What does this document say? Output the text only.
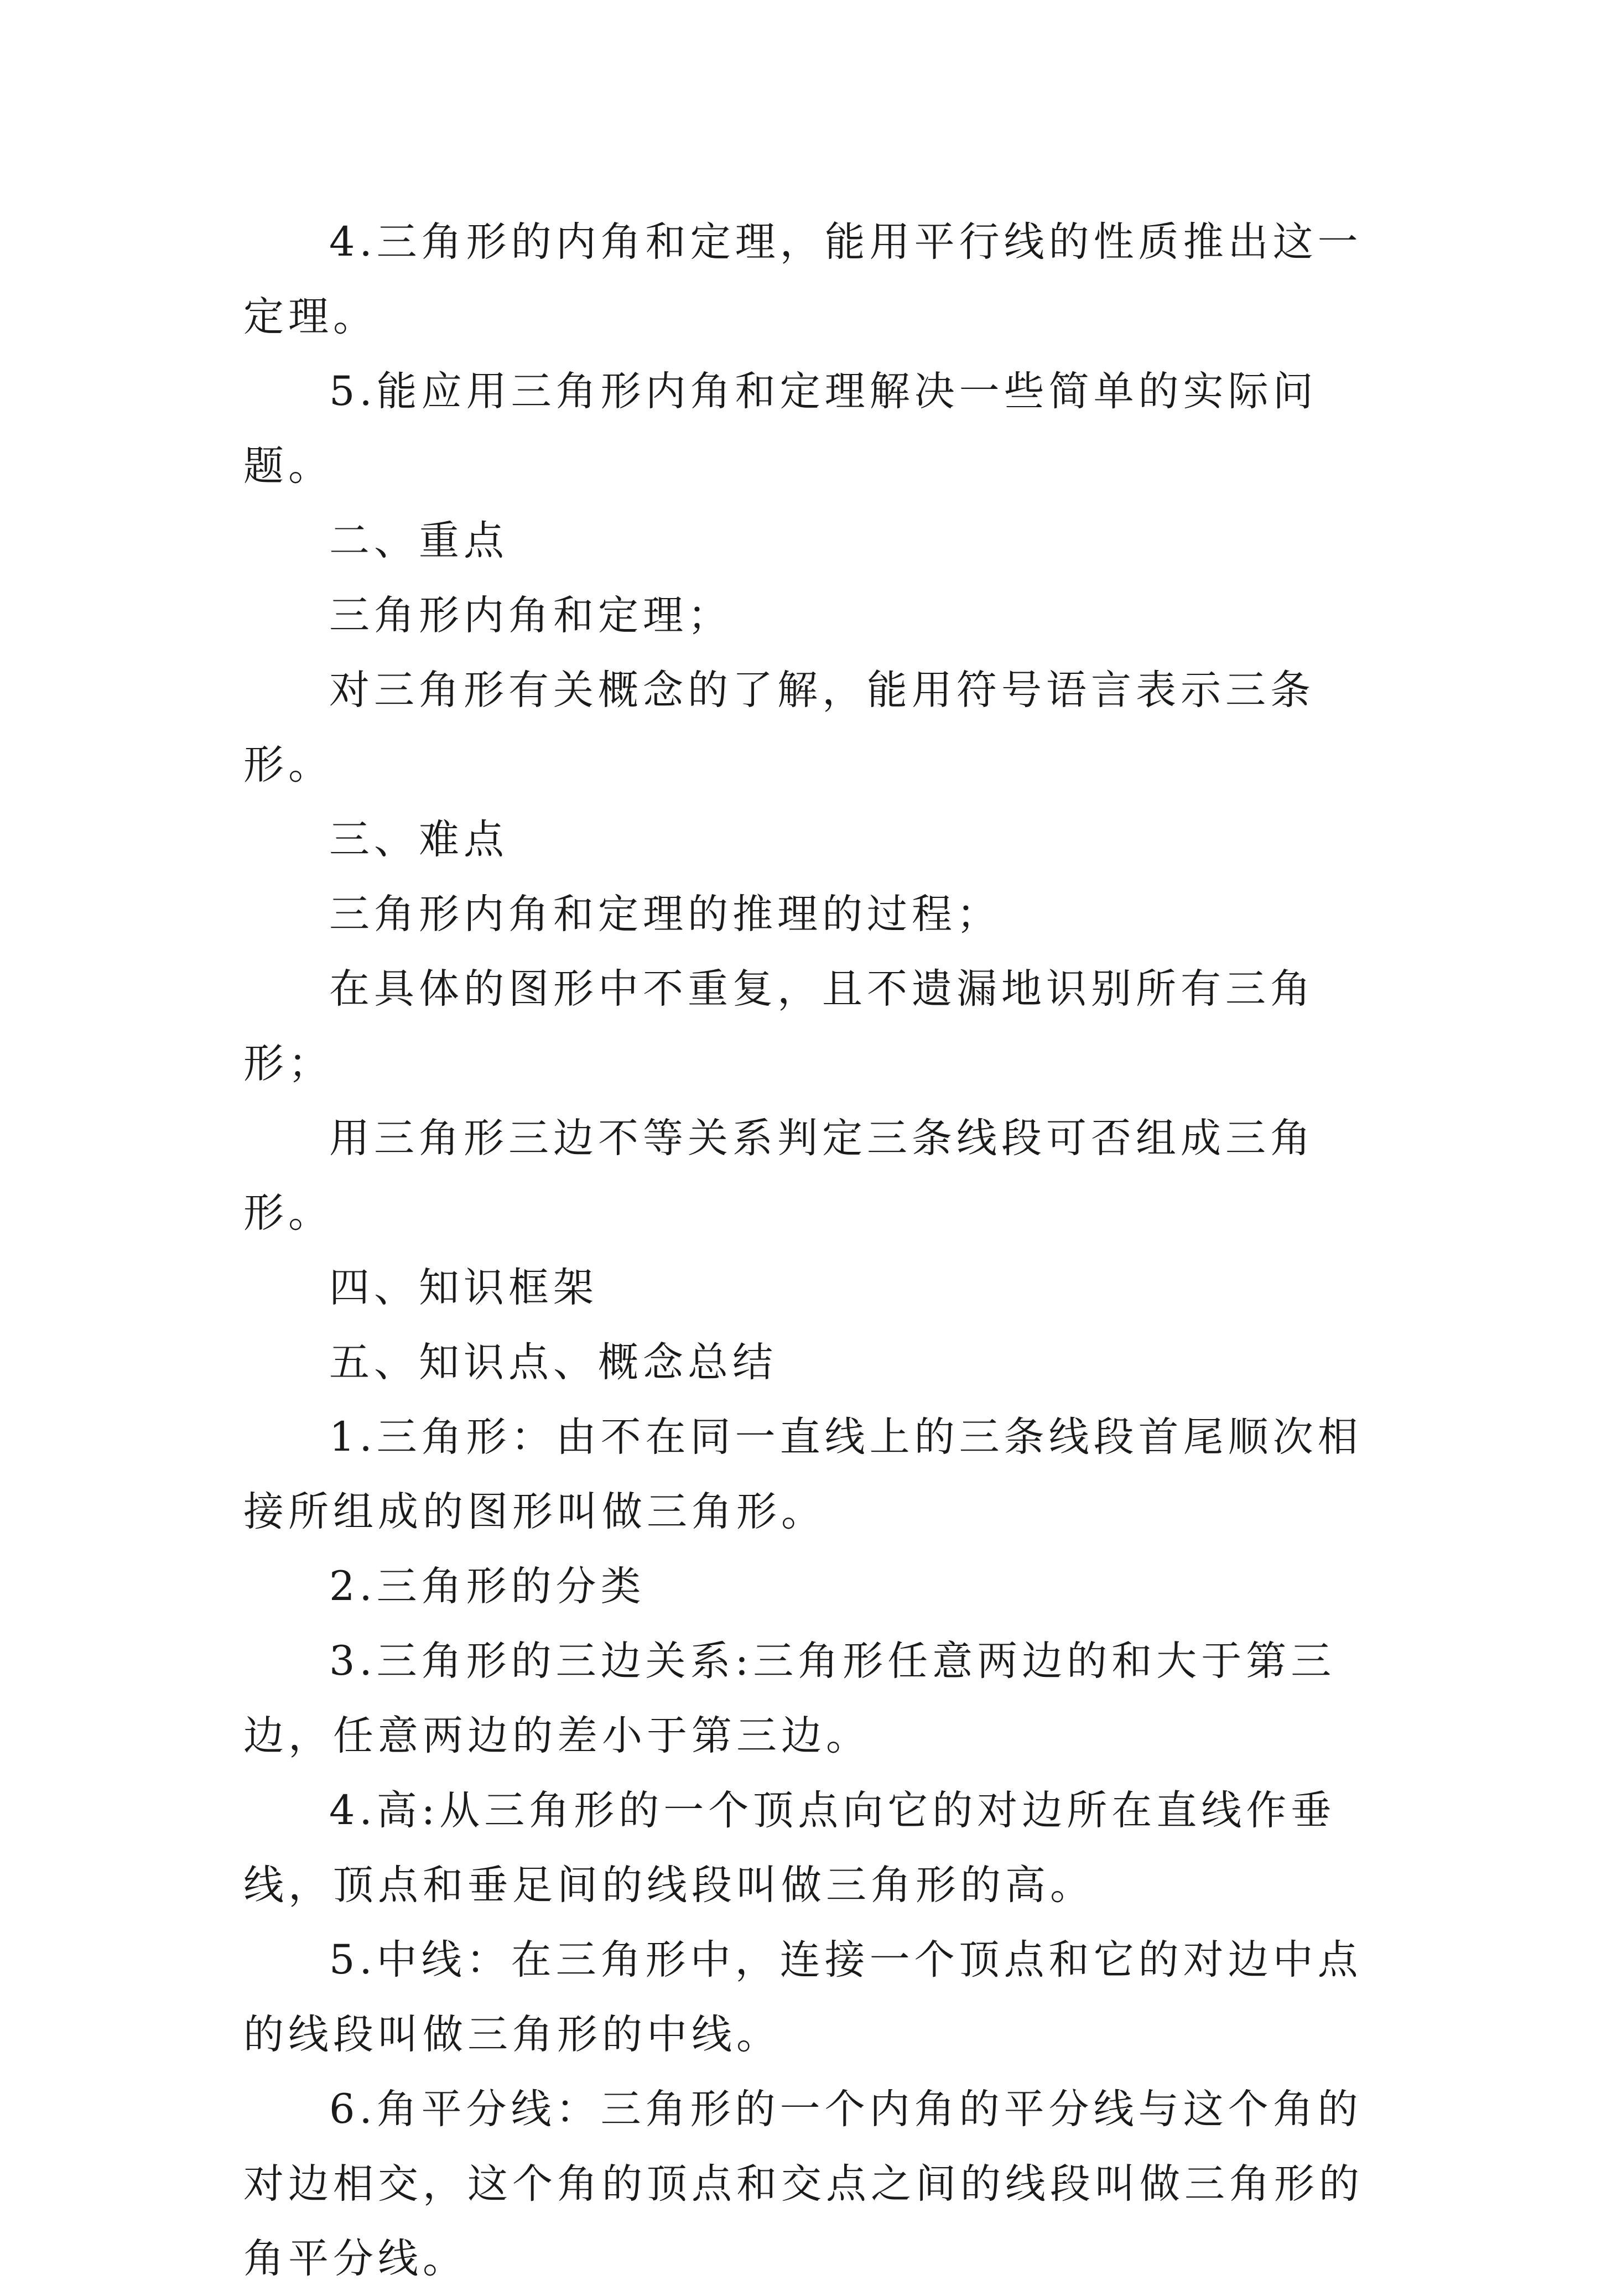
4.三角形的内角和定理，能用平行线的性质推出这一定理。

5.能应用三角形内角和定理解决一些简单的实际问题。

二、重点

三角形内角和定理；

对三角形有关概念的了解，能用符号语言表示三条形。

三、难点

三角形内角和定理的推理的过程；

在具体的图形中不重复，且不遗漏地识别所有三角形；

用三角形三边不等关系判定三条线段可否组成三角形。

四、知识框架

五、知识点、概念总结

1.三角形：由不在同一直线上的三条线段首尾顺次相接所组成的图形叫做三角形。

2.三角形的分类

3.三角形的三边关系:三角形任意两边的和大于第三边，任意两边的差小于第三边。

4.高:从三角形的一个顶点向它的对边所在直线作垂线，顶点和垂足间的线段叫做三角形的高。

5.中线：在三角形中，连接一个顶点和它的对边中点的线段叫做三角形的中线。

6.角平分线：三角形的一个内角的平分线与这个角的对边相交，这个角的顶点和交点之间的线段叫做三角形的角平分线。
